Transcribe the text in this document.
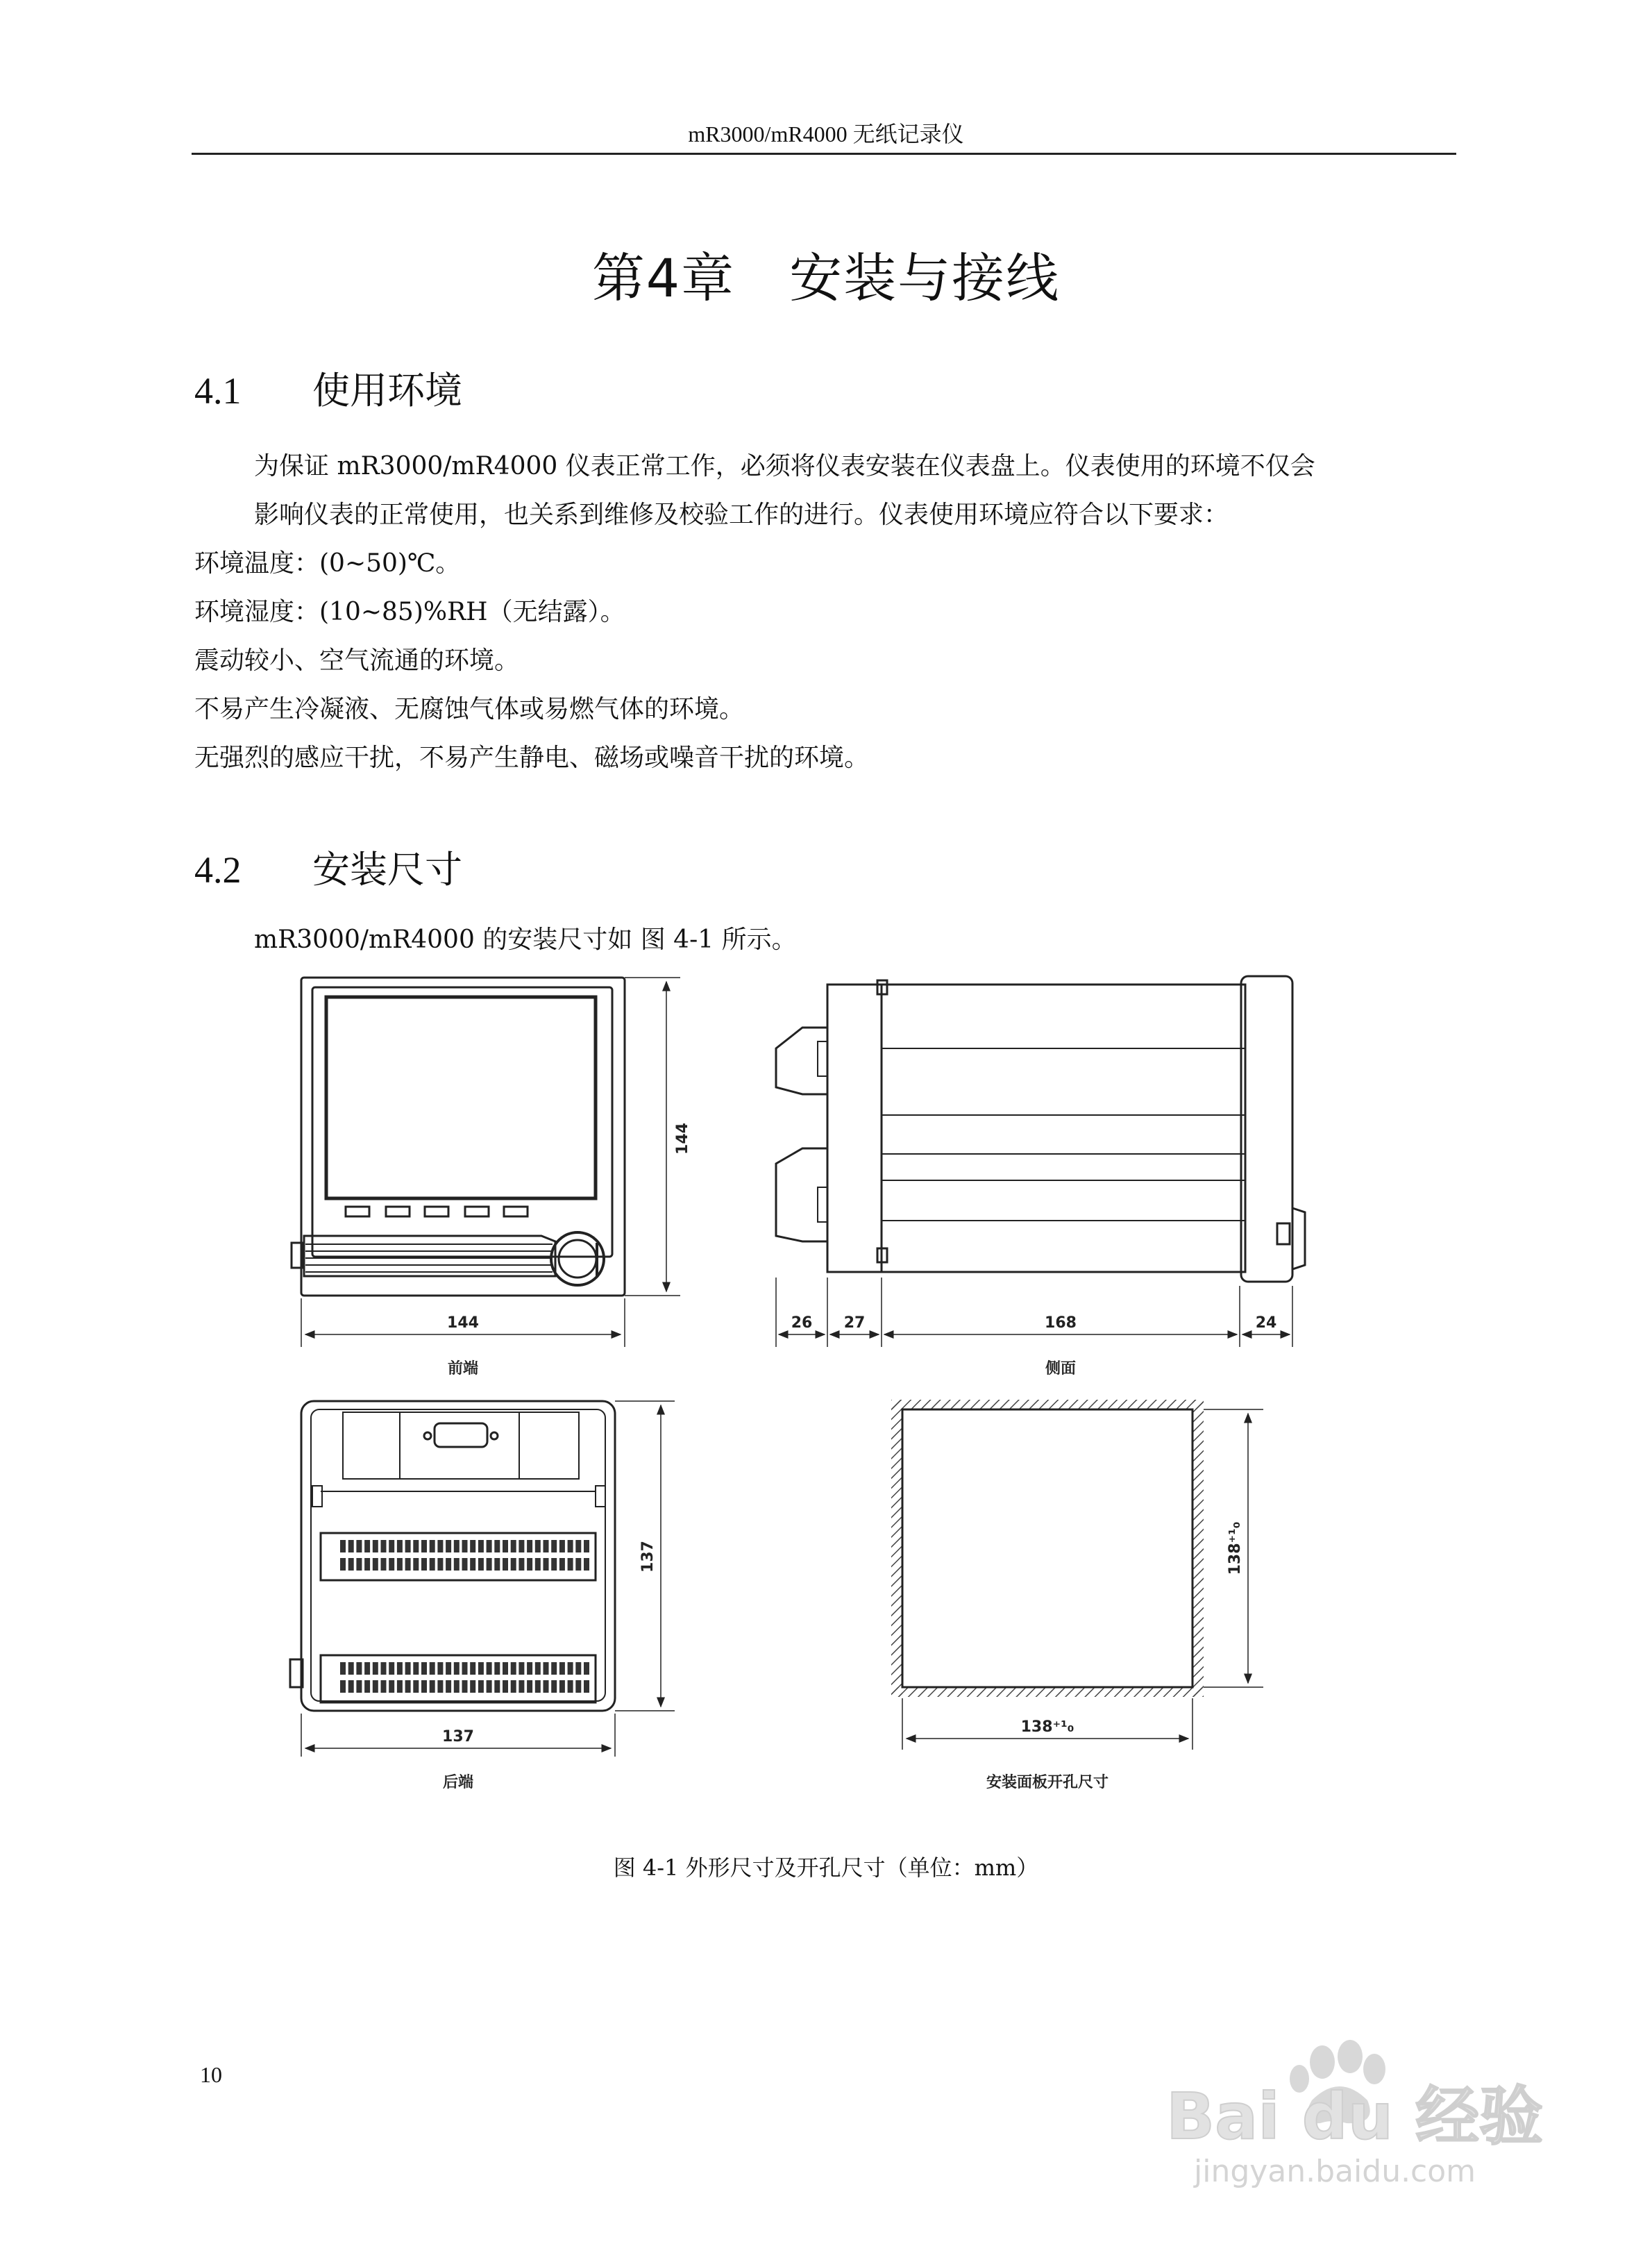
mR3000/mR4000 无纸记录仪
第4章　安装与接线
4.1 使用环境
为保证 mR3000/mR4000 仪表正常工作，必须将仪表安装在仪表盘上。仪表使用的环境不仅会
影响仪表的正常使用，也关系到维修及校验工作的进行。仪表使用环境应符合以下要求：
环境温度：(0~50)℃。
环境湿度：(10~85)%RH（无结露）。
震动较小、空气流通的环境。
不易产生冷凝液、无腐蚀气体或易燃气体的环境。
无强烈的感应干扰，不易产生静电、磁场或噪音干扰的环境。
4.2 安装尺寸
mR3000/mR4000 的安装尺寸如 图 4-1 所示。
144
144	26 27	168	24
137
137
138⁺¹₀
138⁺¹₀
前端	侧面
后端	安装面板开孔尺寸
图 4-1 外形尺寸及开孔尺寸（单位：mm）
10
Bai du 经验
jingyan.baidu.com
